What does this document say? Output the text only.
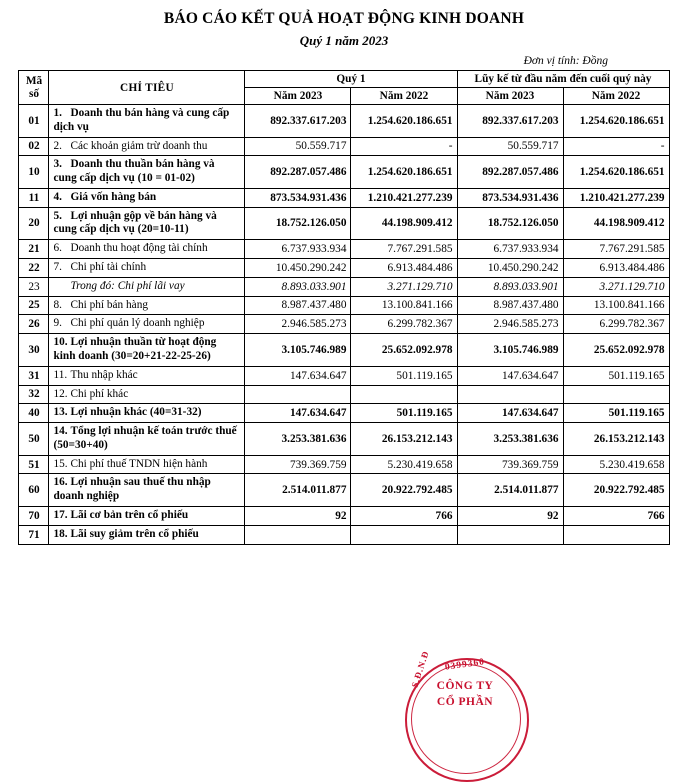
BÁO CÁO KẾT QUẢ HOẠT ĐỘNG KINH DOANH
Quý 1 năm 2023
Đơn vị tính: Đồng
Mã
số	CHỈ TIÊU	Quý 1		Lũy kế từ đầu năm đến cuối quý này	
		Năm 2023	Năm 2022	Năm 2023	Năm 2022
01	1. Doanh thu bán hàng và cung cấp dịch vụ	892.337.617.203	1.254.620.186.651	892.337.617.203	1.254.620.186.651
02	2. Các khoản giảm trừ doanh thu	50.559.717	-	50.559.717	-
10	3. Doanh thu thuần bán hàng và cung cấp dịch vụ (10 = 01-02)	892.287.057.486	1.254.620.186.651	892.287.057.486	1.254.620.186.651
11	4. Giá vốn hàng bán	873.534.931.436	1.210.421.277.239	873.534.931.436	1.210.421.277.239
20	5. Lợi nhuận gộp về bán hàng và cung cấp dịch vụ (20=10-11)	18.752.126.050	44.198.909.412	18.752.126.050	44.198.909.412
21	6. Doanh thu hoạt động tài chính	6.737.933.934	7.767.291.585	6.737.933.934	7.767.291.585
22	7. Chi phí tài chính	10.450.290.242	6.913.484.486	10.450.290.242	6.913.484.486
23	Trong đó: Chi phí lãi vay	8.893.033.901	3.271.129.710	8.893.033.901	3.271.129.710
25	8. Chi phí bán hàng	8.987.437.480	13.100.841.166	8.987.437.480	13.100.841.166
26	9. Chi phí quản lý doanh nghiệp	2.946.585.273	6.299.782.367	2.946.585.273	6.299.782.367
30	10. Lợi nhuận thuần từ hoạt động kinh doanh (30=20+21-22-25-26)	3.105.746.989	25.652.092.978	3.105.746.989	25.652.092.978
31	11. Thu nhập khác	147.634.647	501.119.165	147.634.647	501.119.165
32	12. Chi phí khác				
40	13. Lợi nhuận khác (40=31-32)	147.634.647	501.119.165	147.634.647	501.119.165
50	14. Tổng lợi nhuận kế toán trước thuế (50=30+40)	3.253.381.636	26.153.212.143	3.253.381.636	26.153.212.143
51	15. Chi phí thuế TNDN hiện hành	739.369.759	5.230.419.658	739.369.759	5.230.419.658
60	16. Lợi nhuận sau thuế thu nhập doanh nghiệp	2.514.011.877	20.922.792.485	2.514.011.877	20.922.792.485
70	17. Lãi cơ bản trên cổ phiếu	92	766	92	766
71	18. Lãi suy giảm trên cổ phiếu				
0399360
S.Đ.N.Đ CÔNG TY
CỔ PHẦN
